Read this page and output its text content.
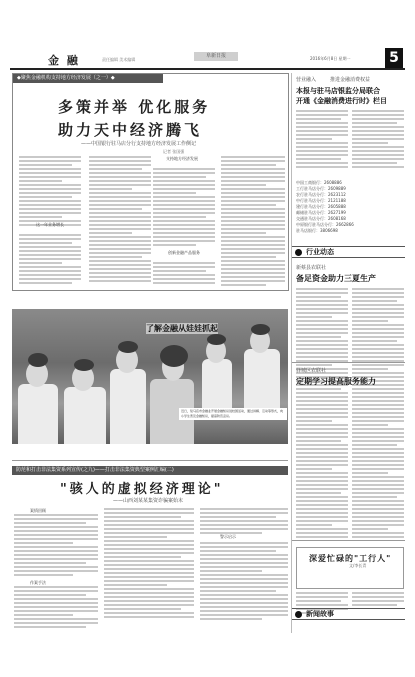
金 融	责任编辑 美术编辑
阜新日报	2016年6月8日 星期一	5
◆聚焦金融机构支持地方经济发展（之一）◆
多策并举 优化服务
助力天中经济腾飞
——中国银行驻马店分行支持地方经济发展工作侧记
记者 张国强
这一年业务增长
支持地方经济发展
创新金融产品服务
营业融入	推进金融消费权益
本报与驻马店银监分局联合
开通《金融消费进行时》栏目
中国工商银行：2608886
工行驻马店分行：2609889
农行驻马店分行：2623112
中行驻马店分行：2121188
建行驻马店分行：2605888
邮储驻马店分行：2627199
交通驻马店分行：2608168
中原银行驻马店分行：2662866
驻马店银行：3806698
行业动态
新蔡县农联社
备足资金助力三夏生产
驿城区农联社
定期学习提高服务能力
了解金融从娃娃抓起
近日，驻马店市金融业开展金融知识进校园活动，通过讲解、互动等形式，向小学生普及金融知识，提高防范意识。
防范和打击非法集资系列宣传(之九)——打击非法集资典型案例汇编(二)
"骇人的虚拟经济理论"
——山西刘某某集资诈骗案始末
案情回顾
作案手法
警示启示
深爱忙碌的"工行人"
文/李长青
新闻故事
